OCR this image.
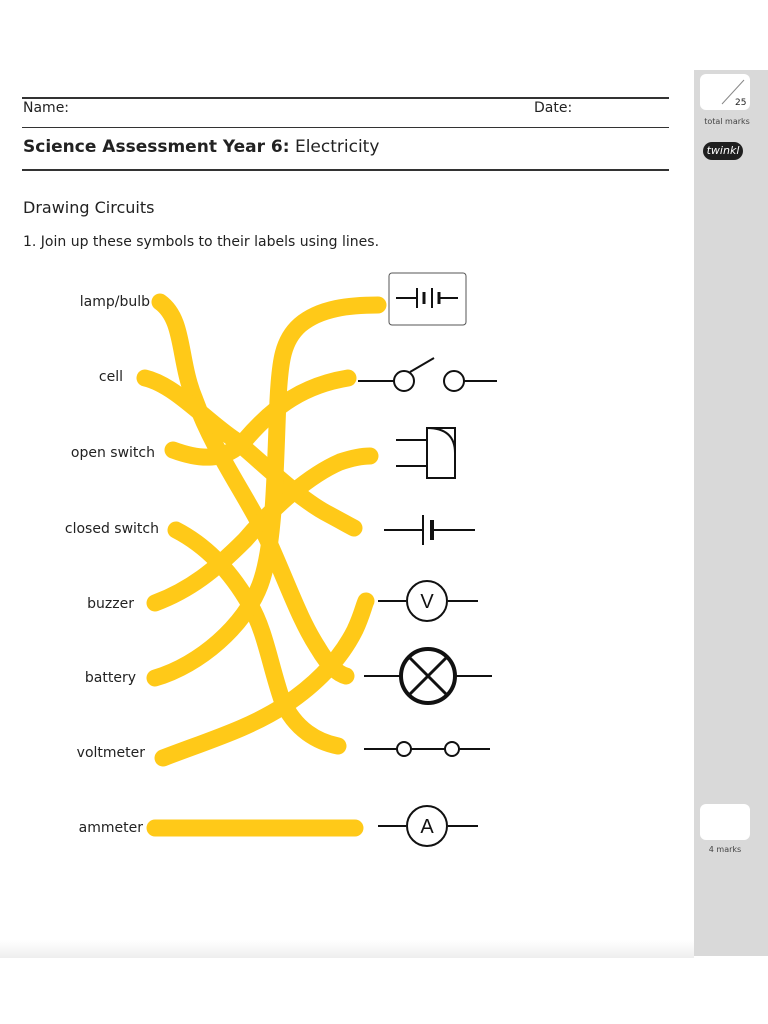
Name:	Date:
Science Assessment Year 6: Electricity
Drawing Circuits
1. Join up these symbols to their labels using lines.
25
total marks
twinkl
4 marks
lamp/bulb
cell
open switch
closed switch
buzzer
battery
voltmeter
ammeter
V
A
